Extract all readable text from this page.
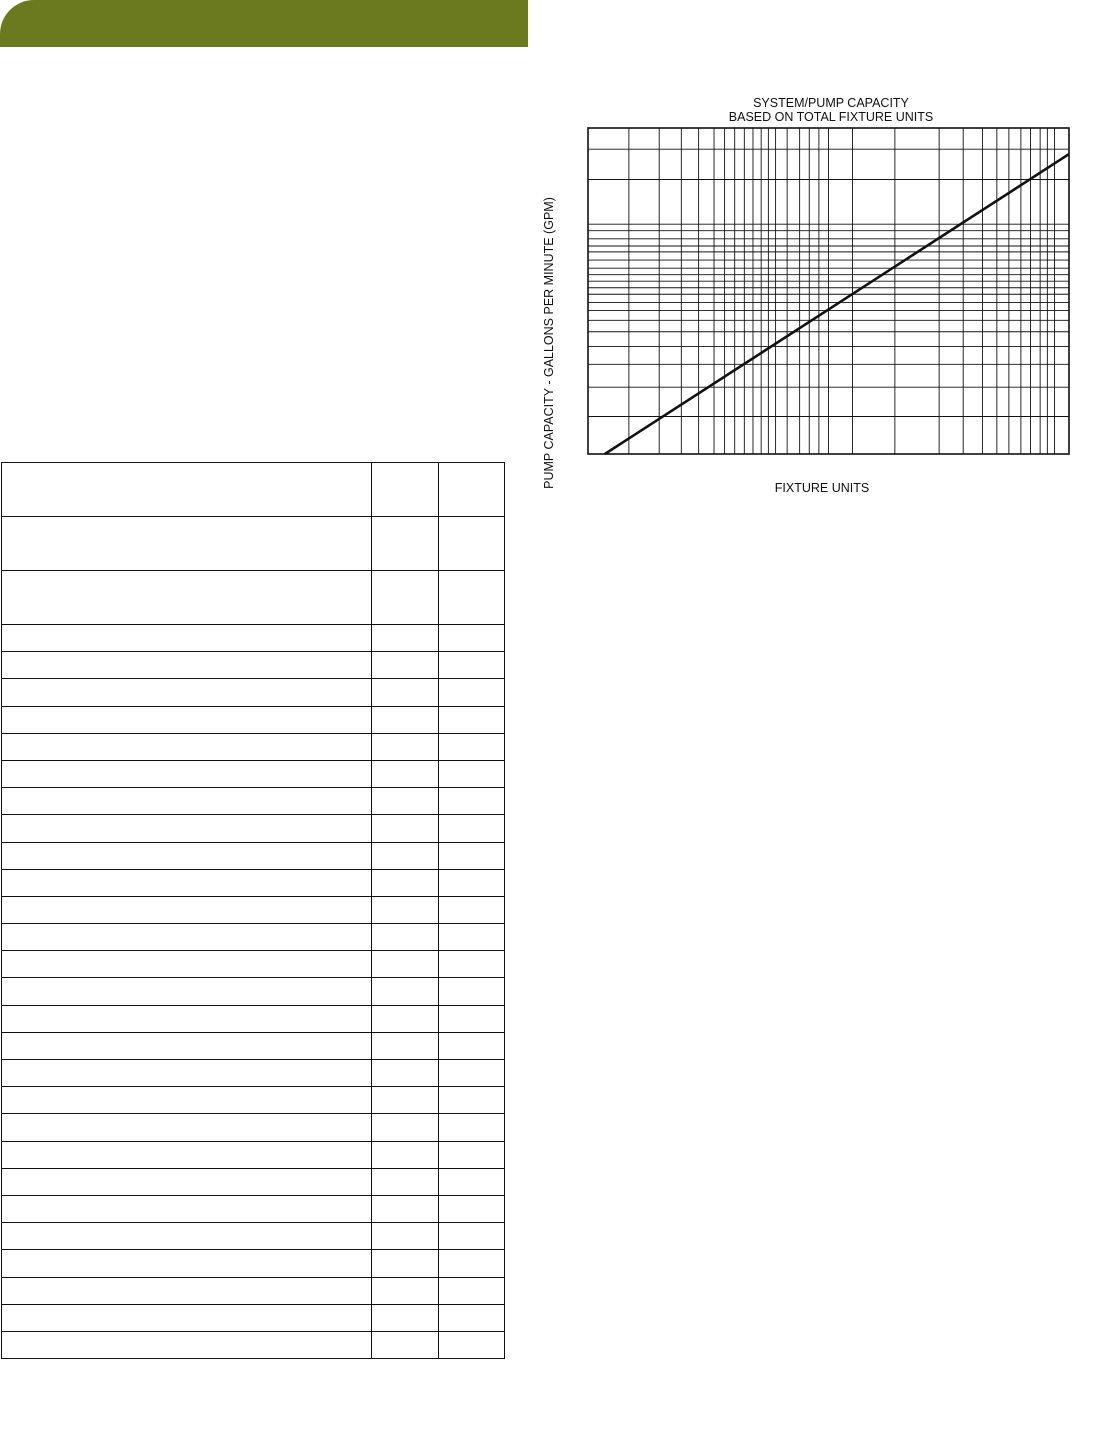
SYSTEM/PUMP CAPACITY
BASED ON TOTAL FIXTURE UNITS
FIXTURE UNITS
PUMP CAPACITY - GALLONS PER MINUTE (GPM)
